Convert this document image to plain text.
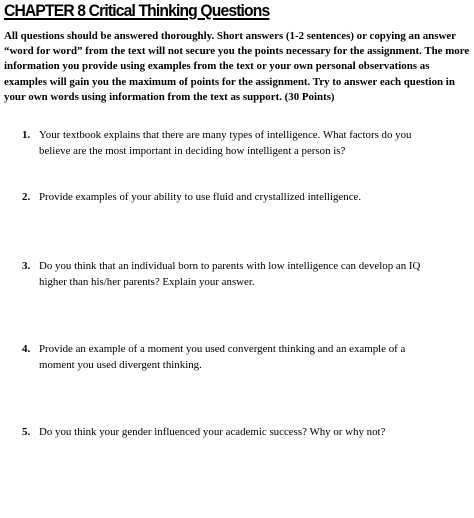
CHAPTER 8 Critical Thinking Questions

All questions should be answered thoroughly. Short answers (1-2 sentences) or copying an answer “word for word” from the text will not secure you the points necessary for the assignment. The more information you provide using examples from the text or your own personal observations as examples will gain you the maximum of points for the assignment. Try to answer each question in your own words using information from the text as support. (30 Points)

1. Your textbook explains that there are many types of intelligence. What factors do you believe are the most important in deciding how intelligent a person is?
2. Provide examples of your ability to use fluid and crystallized intelligence.
3. Do you think that an individual born to parents with low intelligence can develop an IQ higher than his/her parents? Explain your answer.
4. Provide an example of a moment you used convergent thinking and an example of a moment you used divergent thinking.
5. Do you think your gender influenced your academic success? Why or why not?
